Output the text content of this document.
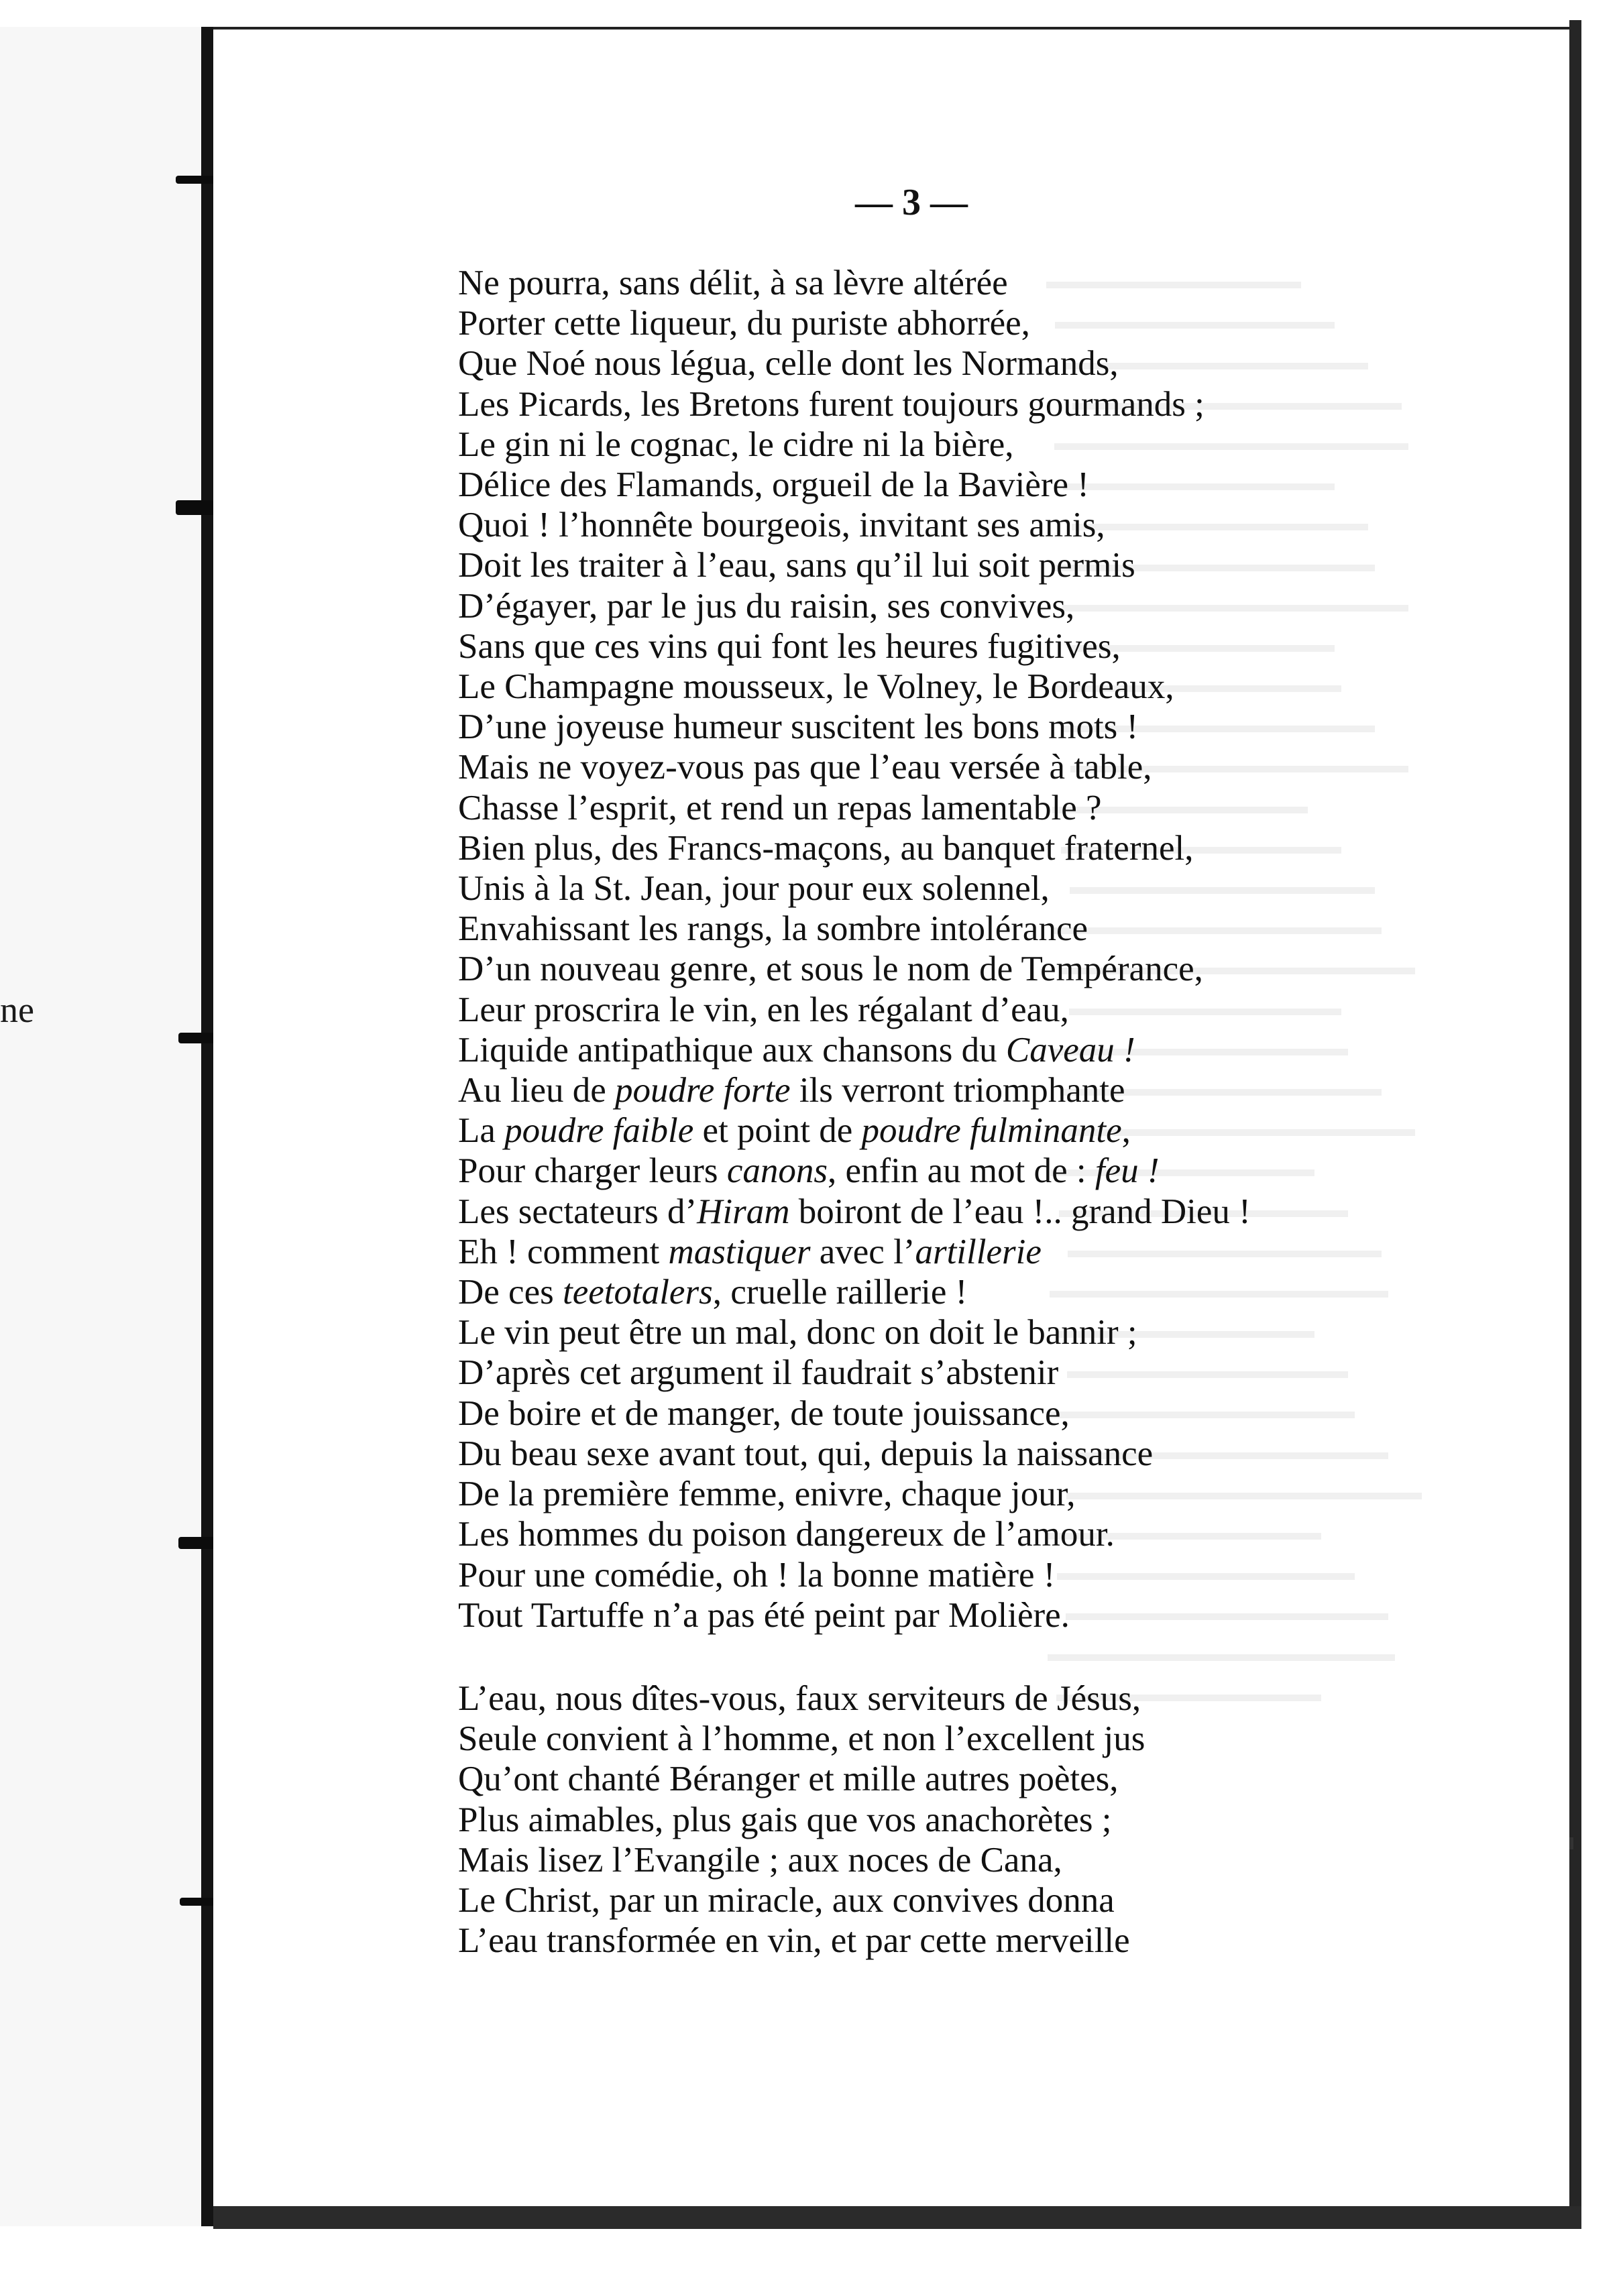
ne
— 3 —
Ne pourra, sans délit, à sa lèvre altérée
Porter cette liqueur, du puriste abhorrée,
Que Noé nous légua, celle dont les Normands,
Les Picards, les Bretons furent toujours gourmands ;
Le gin ni le cognac, le cidre ni la bière,
Délice des Flamands, orgueil de la Bavière !
Quoi ! l’honnête bourgeois, invitant ses amis,
Doit les traiter à l’eau, sans qu’il lui soit permis
D’égayer, par le jus du raisin, ses convives,
Sans que ces vins qui font les heures fugitives,
Le Champagne mousseux, le Volney, le Bordeaux,
D’une joyeuse humeur suscitent les bons mots !
Mais ne voyez-vous pas que l’eau versée à table,
Chasse l’esprit, et rend un repas lamentable ?
Bien plus, des Francs-maçons, au banquet fraternel,
Unis à la St. Jean, jour pour eux solennel,
Envahissant les rangs, la sombre intolérance
D’un nouveau genre, et sous le nom de Tempérance,
Leur proscrira le vin, en les régalant d’eau,
Liquide antipathique aux chansons du Caveau !
Au lieu de poudre forte ils verront triomphante
La poudre faible et point de poudre fulminante,
Pour charger leurs canons, enfin au mot de : feu !
Les sectateurs d’Hiram boiront de l’eau !.. grand Dieu !
Eh ! comment mastiquer avec l’artillerie
De ces teetotalers, cruelle raillerie !
Le vin peut être un mal, donc on doit le bannir ;
D’après cet argument il faudrait s’abstenir
De boire et de manger, de toute jouissance,
Du beau sexe avant tout, qui, depuis la naissance
De la première femme, enivre, chaque jour,
Les hommes du poison dangereux de l’amour.
Pour une comédie, oh ! la bonne matière !
Tout Tartuffe n’a pas été peint par Molière.
L’eau, nous dîtes-vous, faux serviteurs de Jésus,
Seule convient à l’homme, et non l’excellent jus
Qu’ont chanté Béranger et mille autres poètes,
Plus aimables, plus gais que vos anachorètes ;
Mais lisez l’Evangile ; aux noces de Cana,
Le Christ, par un miracle, aux convives donna
L’eau transformée en vin, et par cette merveille
